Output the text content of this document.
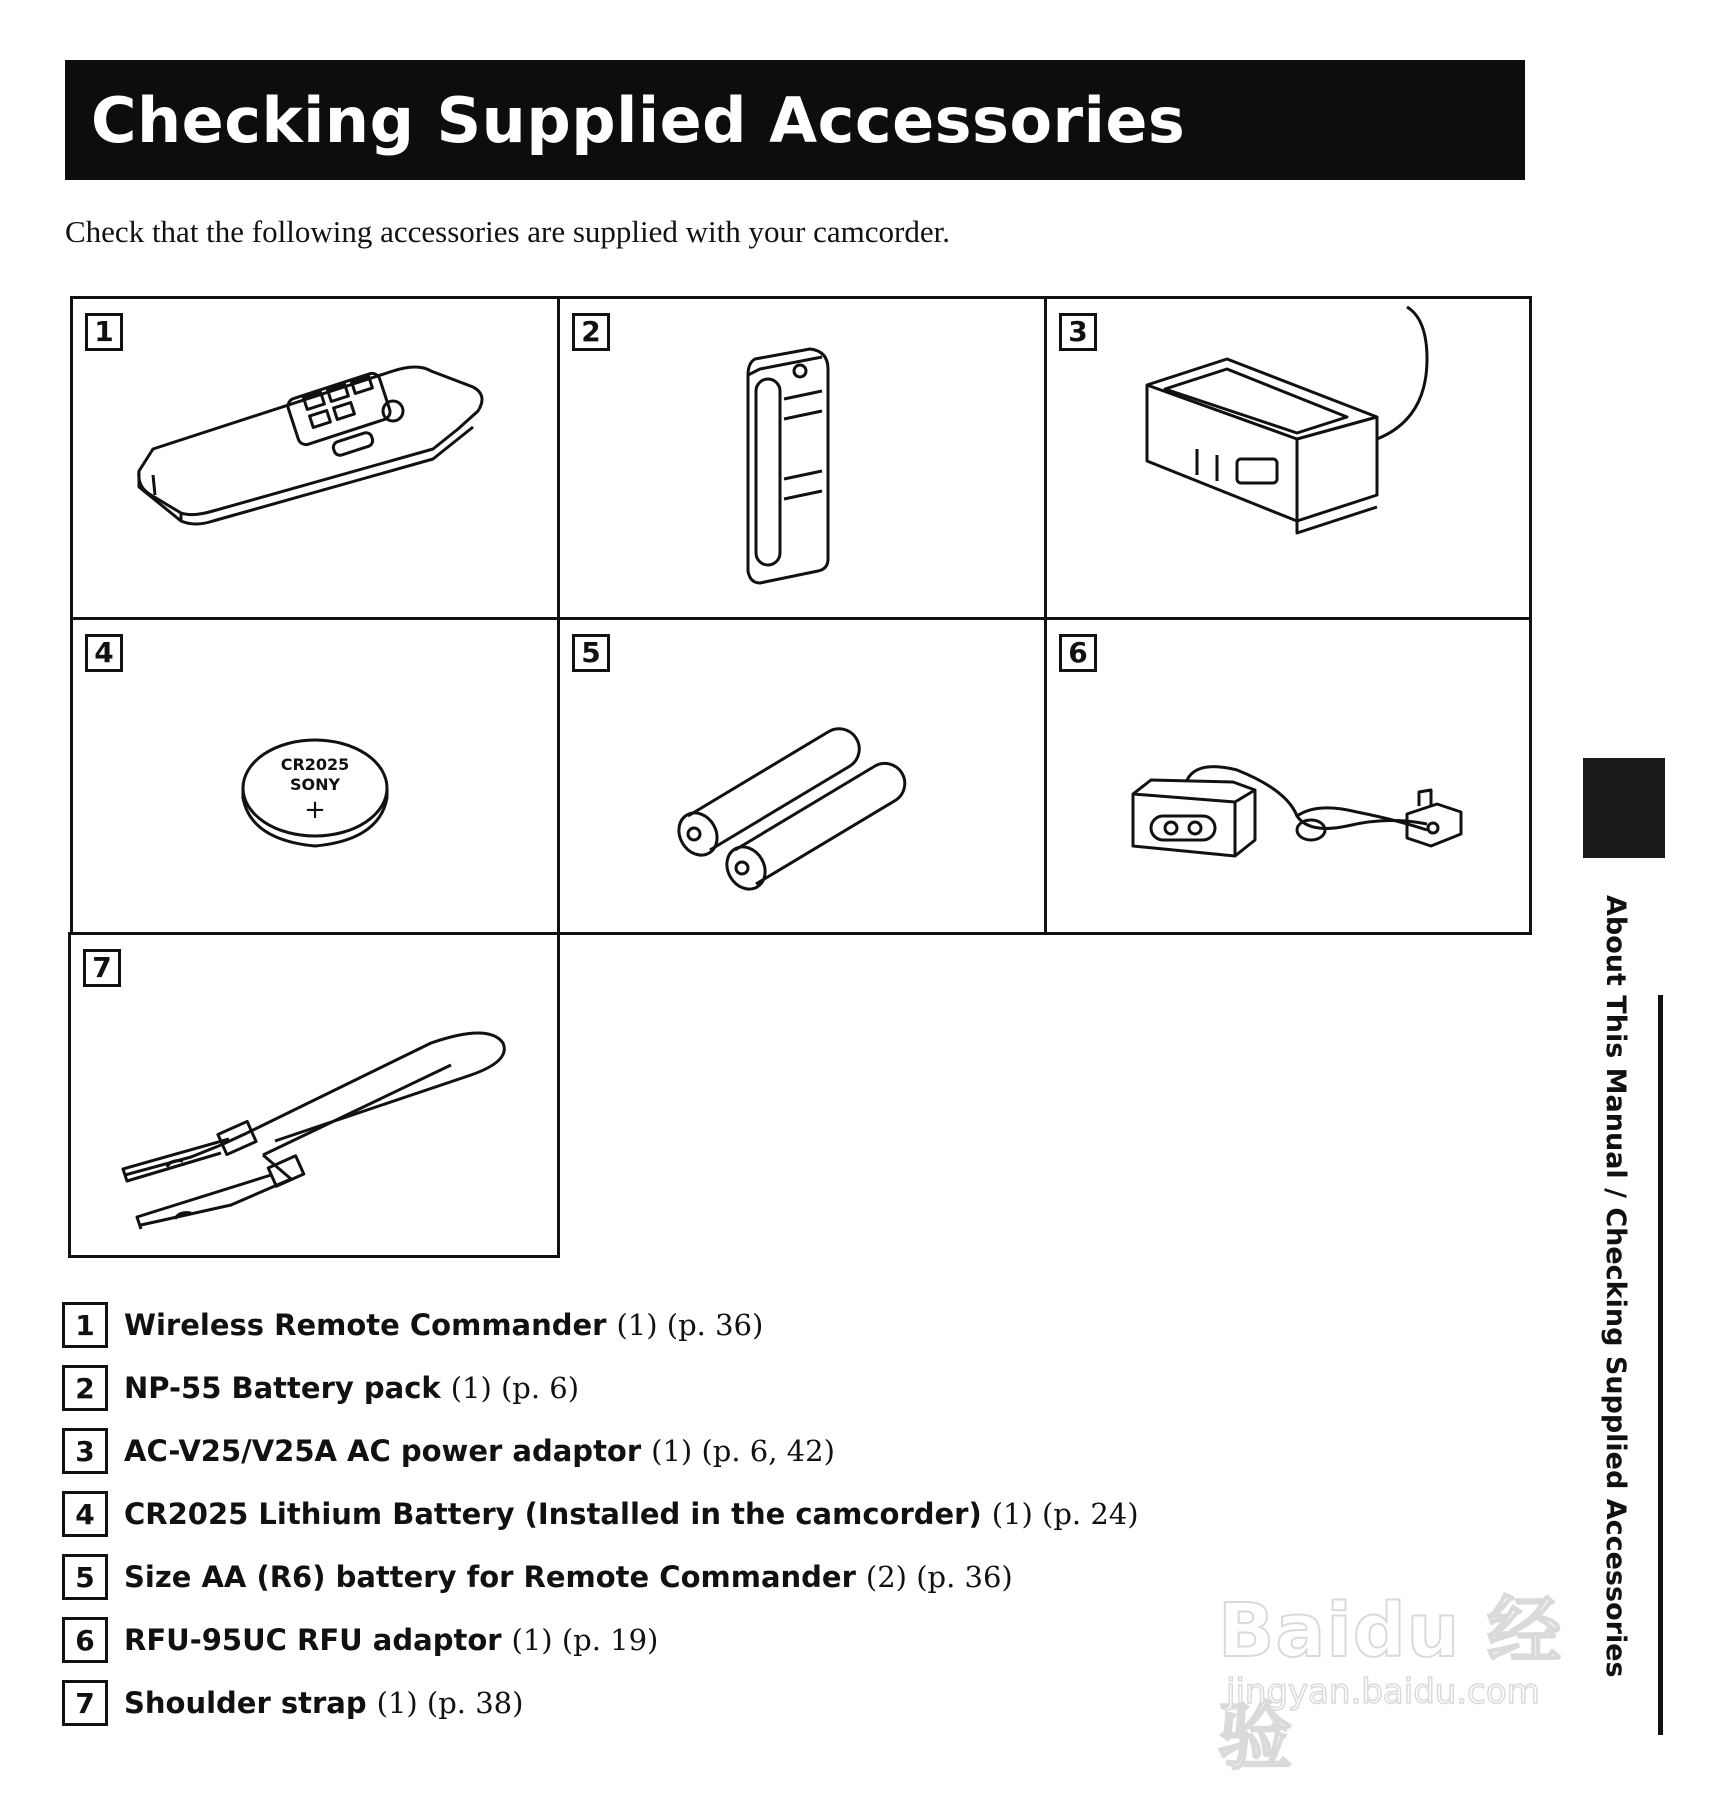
Checking Supplied Accessories
Check that the following accessories are supplied with your camcorder.
1	2	3
4
CR2025
SONY
+
5	6
7
1	Wireless Remote Commander (1) (p. 36)
2	NP-55 Battery pack (1) (p. 6)
3	AC-V25/V25A AC power adaptor (1) (p. 6, 42)
4	CR2025 Lithium Battery (Installed in the camcorder) (1) (p. 24)
5	Size AA (R6) battery for Remote Commander (2) (p. 36)
6	RFU-95UC RFU adaptor (1) (p. 19)
7	Shoulder strap (1) (p. 38)
About This Manual / Checking Supplied Accessories
Baidu 经验
jingyan.baidu.com
